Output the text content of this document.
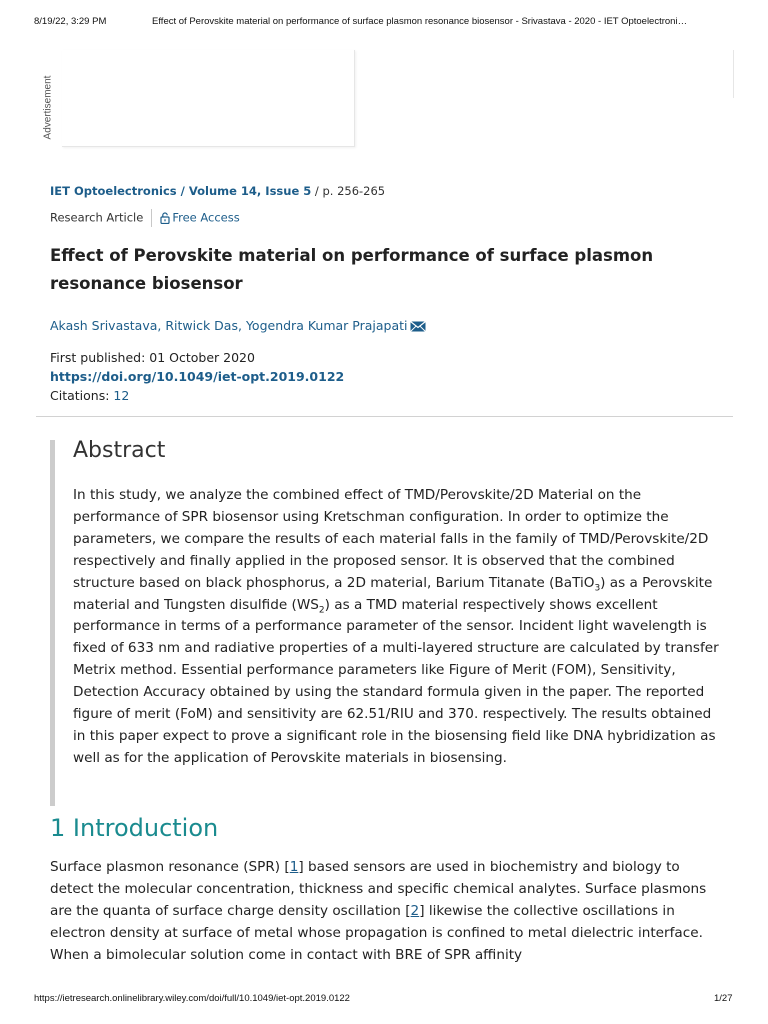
8/19/22, 3:29 PM	Effect of Perovskite material on performance of surface plasmon resonance biosensor - Srivastava - 2020 - IET Optoelectroni…
Advertisement
IET Optoelectronics / Volume 14, Issue 5 / p. 256-265
Research Article	Free Access
Effect of Perovskite material on performance of surface plasmon resonance biosensor
Akash Srivastava, Ritwick Das, Yogendra Kumar Prajapati
First published: 01 October 2020
https://doi.org/10.1049/iet-opt.2019.0122
Citations: 12
Abstract

In this study, we analyze the combined effect of TMD/Perovskite/2D Material on the performance of SPR biosensor using Kretschman configuration. In order to optimize the parameters, we compare the results of each material falls in the family of TMD/Perovskite/2D respectively and finally applied in the proposed sensor. It is observed that the combined structure based on black phosphorus, a 2D material, Barium Titanate (BaTiO$_3$) as a Perovskite material and Tungsten disulfide $(WS_2)$ as a TMD material respectively shows excellent performance in terms of a performance parameter of the sensor. Incident light wavelength is fixed of 633 nm and radiative properties of a multi-layered structure are calculated by transfer Metrix method. Essential performance parameters like Figure of Merit (FOM), Sensitivity, Detection Accuracy obtained by using the standard formula given in the paper. The reported figure of merit (FoM) and sensitivity are 62.51/RIU and 370. respectively. The results obtained in this paper expect to prove a significant role in the biosensing field like DNA hybridization as well as for the application of Perovskite materials in biosensing.

1 Introduction

Surface plasmon resonance (SPR) [1] based sensors are used in biochemistry and biology to detect the molecular concentration, thickness and specific chemical analytes. Surface plasmons are the quanta of surface charge density oscillation [2] likewise the collective oscillations in electron density at surface of metal whose propagation is confined to metal dielectric interface. When a bimolecular solution come in contact with BRE of SPR affinity

https://ietresearch.onlinelibrary.wiley.com/doi/full/10.1049/iet-opt.2019.0122	1/27
